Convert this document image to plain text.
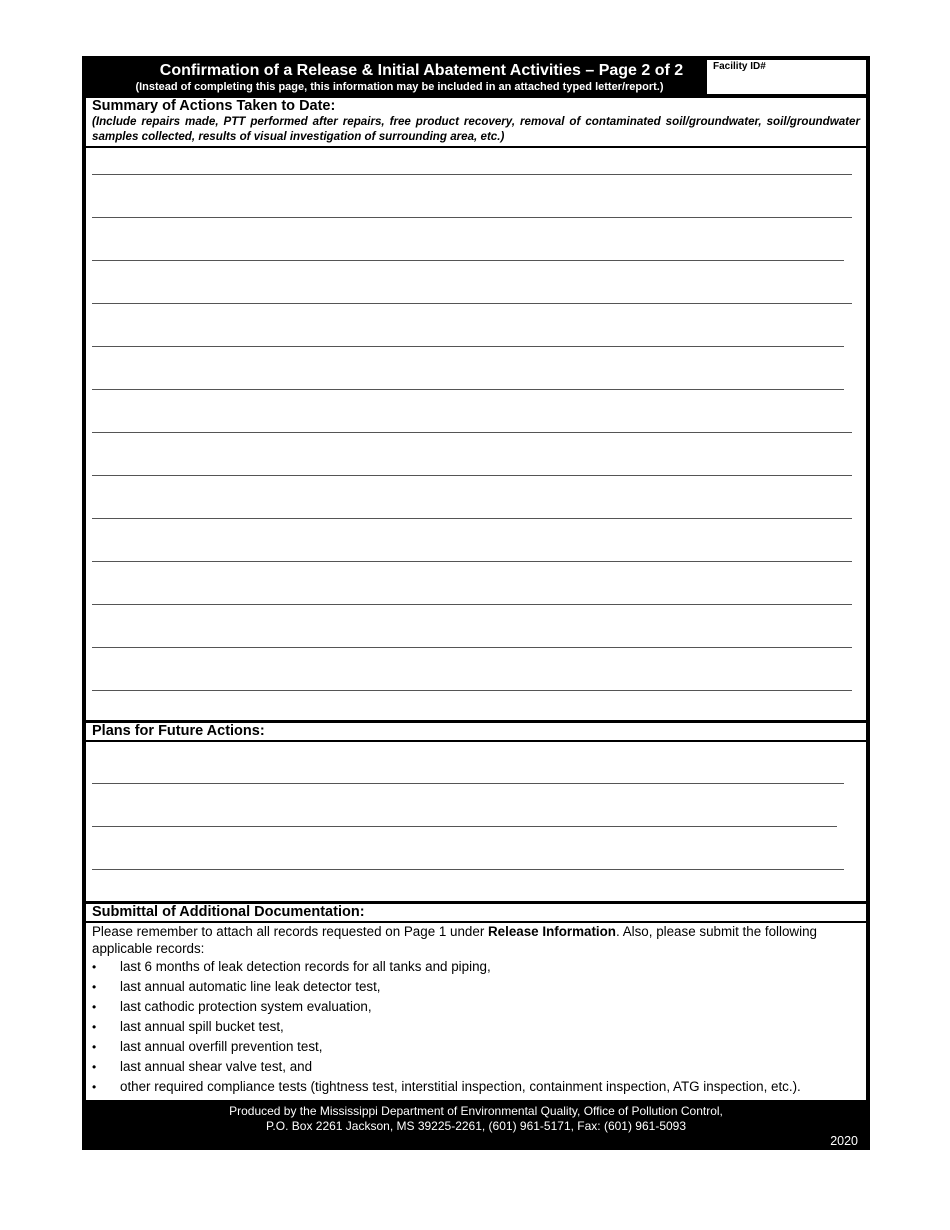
Confirmation of a Release & Initial Abatement Activities – Page 2 of 2
(Instead of completing this page, this information may be included in an attached typed letter/report.)
Facility ID#
Summary of Actions Taken to Date:
(Include repairs made, PTT performed after repairs, free product recovery, removal of contaminated soil/groundwater, soil/groundwater samples collected, results of visual investigation of surrounding area, etc.)
Plans for Future Actions:
Submittal of Additional Documentation:
Please remember to attach all records requested on Page 1 under Release Information. Also, please submit the following applicable records:
•	last 6 months of leak detection records for all tanks and piping,
•	last annual automatic line leak detector test,
•	last cathodic protection system evaluation,
•	last annual spill bucket test,
•	last annual overfill prevention test,
•	last annual shear valve test, and
•	other required compliance tests (tightness test, interstitial inspection, containment inspection, ATG inspection, etc.).
Produced by the Mississippi Department of Environmental Quality, Office of Pollution Control,
P.O. Box 2261 Jackson, MS 39225-2261, (601) 961-5171, Fax: (601) 961-5093
2020
